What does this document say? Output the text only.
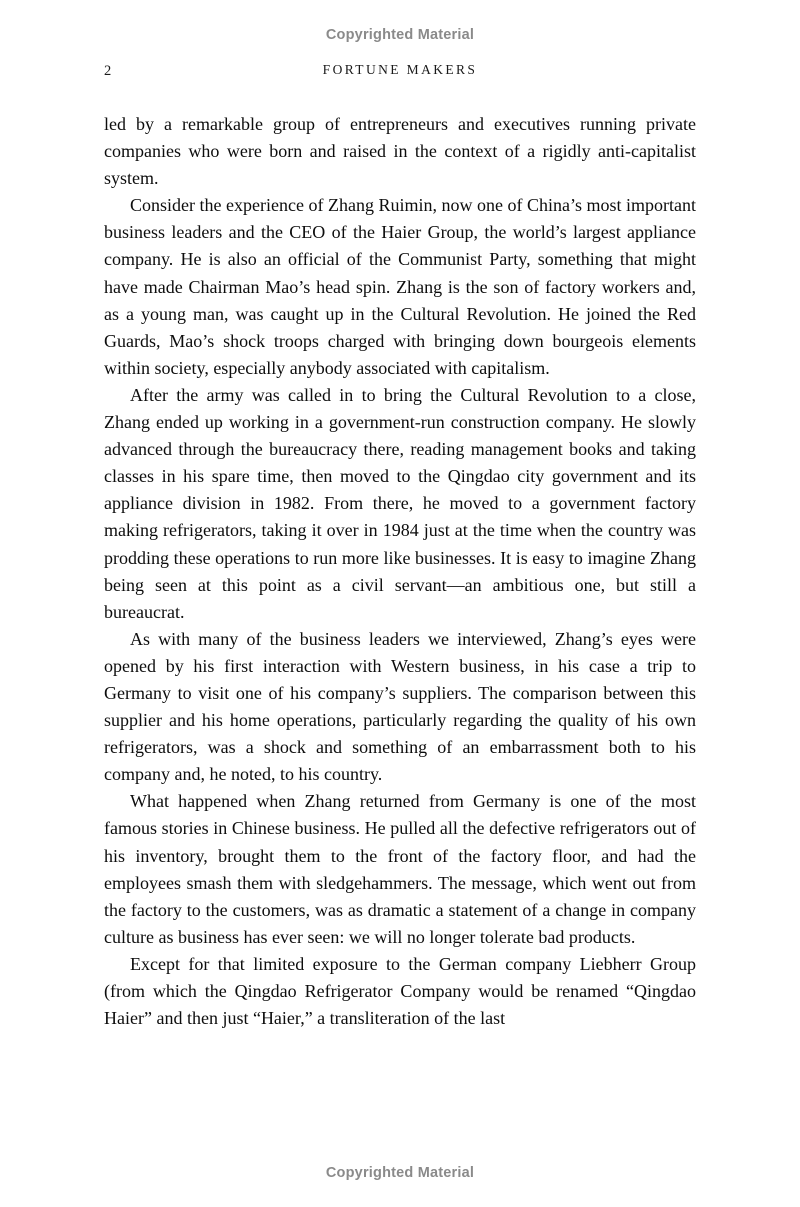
Copyrighted Material
2	FORTUNE MAKERS

led by a remarkable group of entrepreneurs and executives running private companies who were born and raised in the context of a rigidly anti-capitalist system.

Consider the experience of Zhang Ruimin, now one of China’s most important business leaders and the CEO of the Haier Group, the world’s largest appliance company. He is also an official of the Communist Party, something that might have made Chairman Mao’s head spin. Zhang is the son of factory workers and, as a young man, was caught up in the Cultural Revolution. He joined the Red Guards, Mao’s shock troops charged with bringing down bourgeois elements within society, especially anybody associated with capitalism.

After the army was called in to bring the Cultural Revolution to a close, Zhang ended up working in a government-run construction company. He slowly advanced through the bureaucracy there, reading management books and taking classes in his spare time, then moved to the Qingdao city government and its appliance division in 1982. From there, he moved to a government factory making refrigerators, taking it over in 1984 just at the time when the country was prodding these operations to run more like businesses. It is easy to imagine Zhang being seen at this point as a civil servant—an ambitious one, but still a bureaucrat.

As with many of the business leaders we interviewed, Zhang’s eyes were opened by his first interaction with Western business, in his case a trip to Germany to visit one of his company’s suppliers. The comparison between this supplier and his home operations, particularly regarding the quality of his own refrigerators, was a shock and something of an embarrassment both to his company and, he noted, to his country.

What happened when Zhang returned from Germany is one of the most famous stories in Chinese business. He pulled all the defective refrigerators out of his inventory, brought them to the front of the factory floor, and had the employees smash them with sledgehammers. The message, which went out from the factory to the customers, was as dramatic a statement of a change in company culture as business has ever seen: we will no longer tolerate bad products.

Except for that limited exposure to the German company Liebherr Group (from which the Qingdao Refrigerator Company would be renamed “Qingdao Haier” and then just “Haier,” a transliteration of the last

Copyrighted Material
